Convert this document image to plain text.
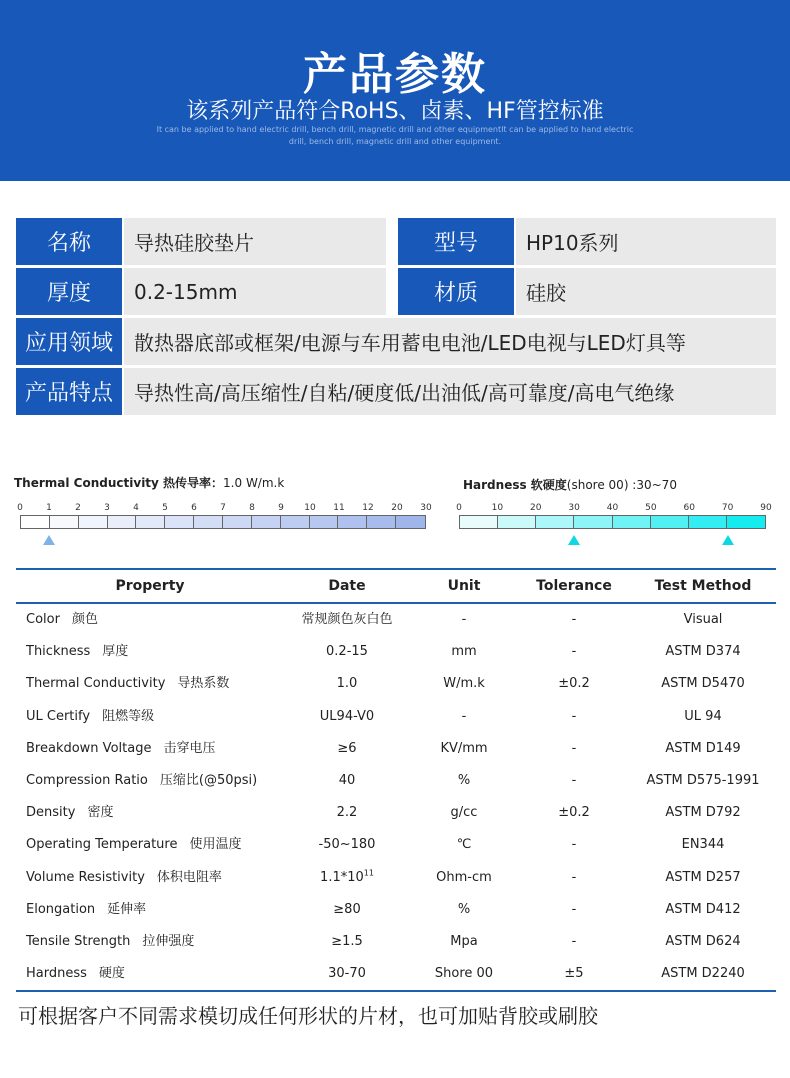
产品参数
该系列产品符合RoHS、卤素、HF管控标准
It can be applied to hand electric drill, bench drill, magnetic drill and other equipmentIt can be applied to hand electric drill, bench drill, magnetic drill and other equipment.
名称	导热硅胶垫片	型号	HP10系列
厚度	0.2-15mm	材质	硅胶
应用领域	散热器底部或框架/电源与车用蓄电电池/LED电视与LED灯具等
产品特点	导热性高/高压缩性/自粘/硬度低/出油低/高可靠度/高电气绝缘
Thermal Conductivity 热传导率：1.0 W/m.k
0	1	2	3	4	5	6	7	8	9 10 11 12 20 30
Hardness 软硬度(shore 00) :30~70
0	10	20	30	40	50	60	70	90
Property	Date	Unit	Tolerance	Test Method
Color 颜色	常规颜色灰白色	-	-	Visual
Thickness 厚度	0.2-15	mm	-	ASTM D374
Thermal Conductivity 导热系数	1.0	W/m.k	±0.2	ASTM D5470
UL Certify 阻燃等级	UL94-V0	-	-	UL 94
Breakdown Voltage 击穿电压	≥6	KV/mm	-	ASTM D149
Compression Ratio 压缩比(@50psi)	40	%	-	ASTM D575-1991
Density 密度	2.2	g/cc	±0.2	ASTM D792
Operating Temperature 使用温度	-50~180	℃	-	EN344
Volume Resistivity 体积电阻率	$1.1*10^{11}$	Ohm-cm	-	ASTM D257
Elongation 延伸率	≥80	%	-	ASTM D412
Tensile Strength 拉伸强度	≥1.5	Mpa	-	ASTM D624
Hardness 硬度	30-70	Shore 00	±5	ASTM D2240
可根据客户不同需求模切成任何形状的片材，也可加贴背胶或刷胶
